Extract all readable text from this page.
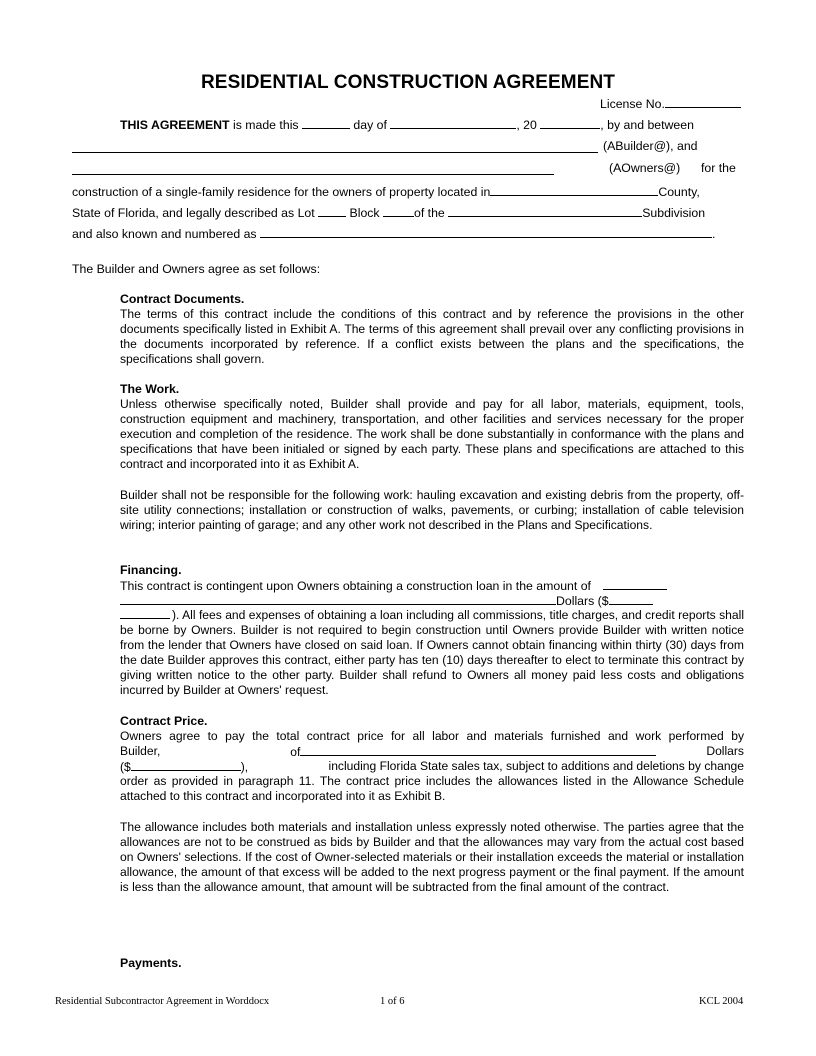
RESIDENTIAL CONSTRUCTION AGREEMENT
License No.
THIS AGREEMENT is made this	day of	, 20	, by and between
(ABuilder@), and
(AOwners@) for the
construction of a single-family residence for the owners of property located in	County,
State of Florida, and legally described as Lot  Block	of the	Subdivision
and also known and numbered as	.
The Builder and Owners agree as set follows:
Contract Documents.
The terms of this contract include the conditions of this contract and by reference the provisions in the other documents specifically listed in Exhibit A. The terms of this agreement shall prevail over any conflicting provisions in the documents incorporated by reference. If a conflict exists between the plans and the specifications, the specifications shall govern.
The Work.
Unless otherwise specifically noted, Builder shall provide and pay for all labor, materials, equipment, tools, construction equipment and machinery, transportation, and other facilities and services necessary for the proper execution and completion of the residence. The work shall be done substantially in conformance with the plans and specifications that have been initialed or signed by each party. These plans and specifications are attached to this contract and incorporated into it as Exhibit A.
Builder shall not be responsible for the following work: hauling excavation and existing debris from the property, off-site utility connections; installation or construction of walks, pavements, or curbing; installation of cable television wiring; interior painting of garage; and any other work not described in the Plans and Specifications.
Financing.
This contract is contingent upon Owners obtaining a construction loan in the amount of
Dollars ($
). All fees and expenses of obtaining a loan including all commissions, title charges, and credit reports shall be borne by Owners. Builder is not required to begin construction until Owners provide Builder with written notice from the lender that Owners have closed on said loan. If Owners cannot obtain financing within thirty (30) days from the date Builder approves this contract, either party has ten (10) days thereafter to elect to terminate this contract by giving written notice to the other party. Builder shall refund to Owners all money paid less costs and obligations incurred by Builder at Owners' request.
Contract Price.
Owners agree to pay the total contract price for all labor and materials furnished and work performed by
Builder,	of	Dollars
($	),	including Florida State sales tax, subject to additions and deletions by change
order as provided in paragraph 11. The contract price includes the allowances listed in the Allowance Schedule attached to this contract and incorporated into it as Exhibit B.
The allowance includes both materials and installation unless expressly noted otherwise. The parties agree that the allowances are not to be construed as bids by Builder and that the allowances may vary from the actual cost based on Owners' selections. If the cost of Owner-selected materials or their installation exceeds the material or installation allowance, the amount of that excess will be added to the next progress payment or the final payment. If the amount is less than the allowance amount, that amount will be subtracted from the final amount of the contract.
Payments.
Residential Subcontractor Agreement in Worddocx	1 of 6	KCL 2004
